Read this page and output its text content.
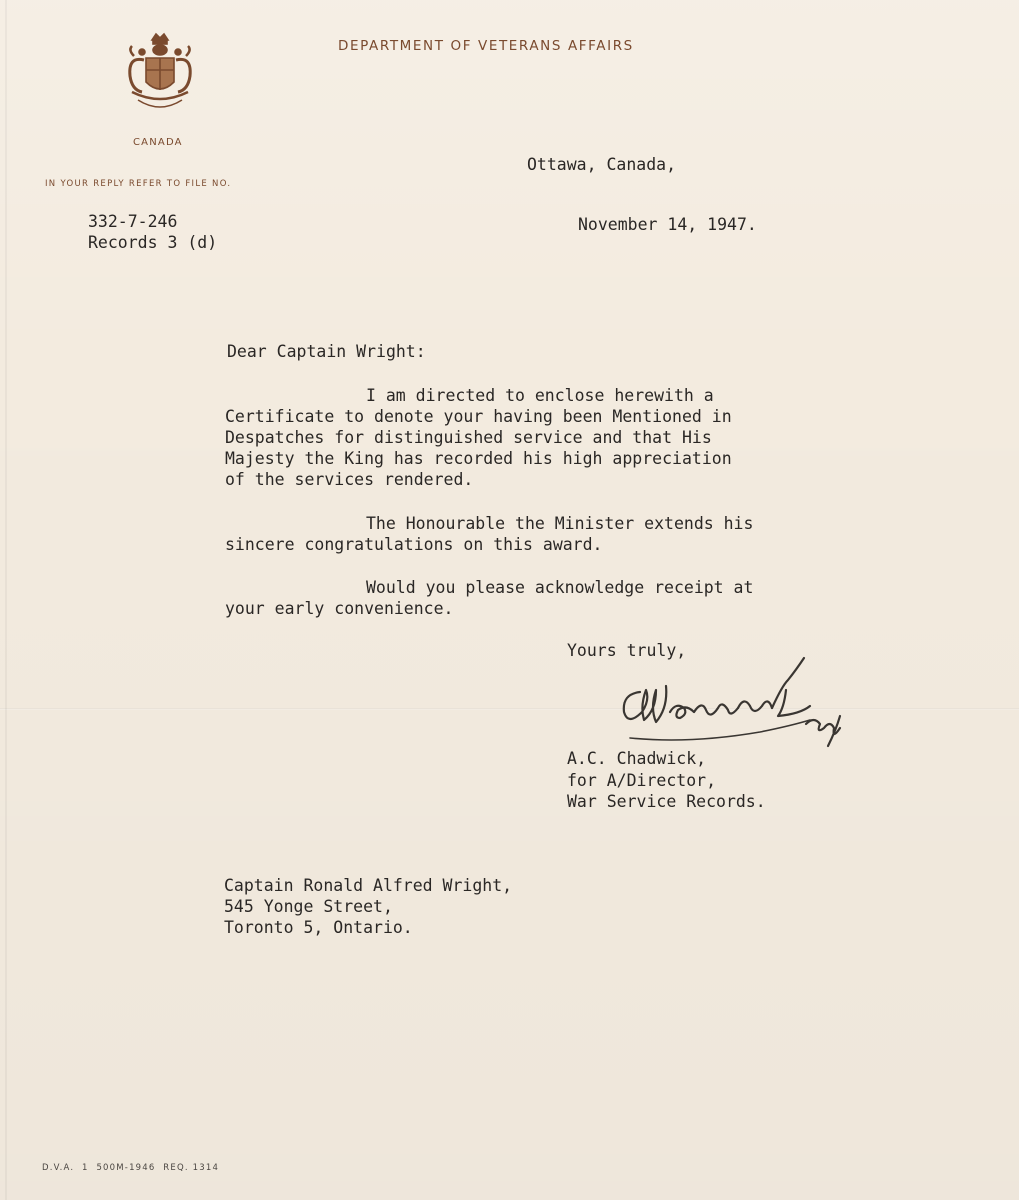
DEPARTMENT OF VETERANS AFFAIRS
CANADA
IN YOUR REPLY REFER TO FILE NO.
332-7-246
Records 3 (d)
Ottawa, Canada,
November 14, 1947.
Dear Captain Wright:
I am directed to enclose herewith a
Certificate to denote your having been Mentioned in
Despatches for distinguished service and that His
Majesty the King has recorded his high appreciation
of the services rendered.
The Honourable the Minister extends his
sincere congratulations on this award.
Would you please acknowledge receipt at
your early convenience.
Yours truly,
A.C. Chadwick,
for A/Director,
War Service Records.
Captain Ronald Alfred Wright,
545 Yonge Street,
Toronto 5, Ontario.
D.V.A.  1  500M-1946  REQ. 1314
